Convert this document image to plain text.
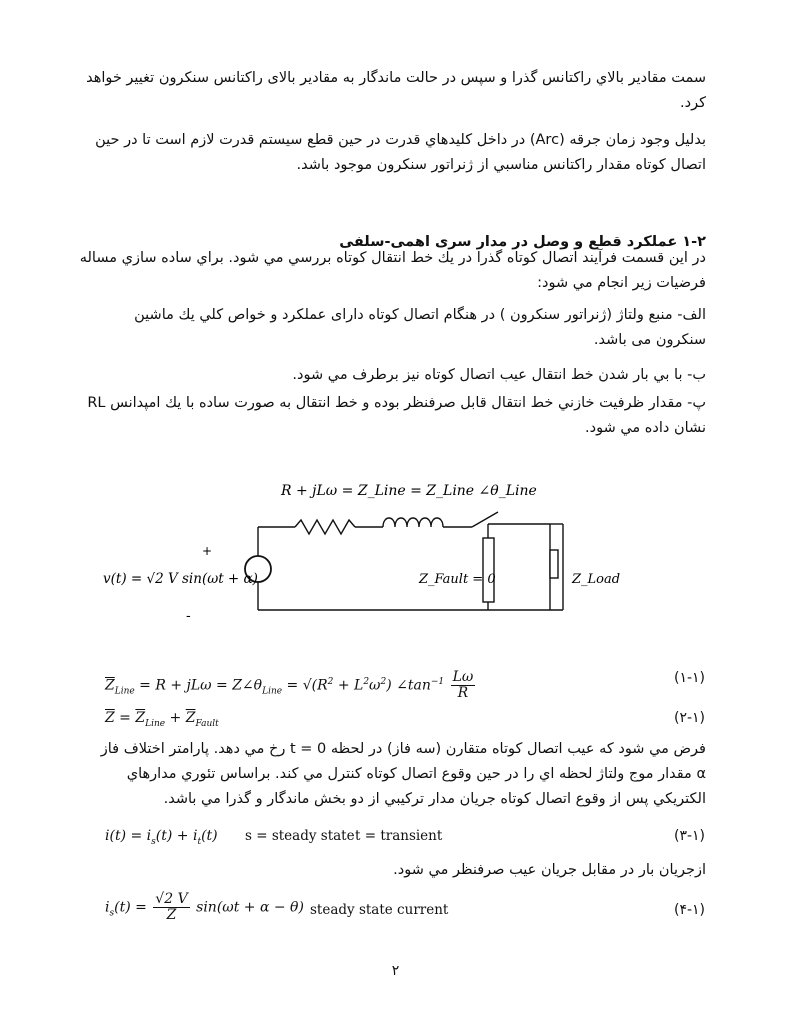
سمت مقادير بالاي راكتانس گذرا و سپس در حالت ماندگار به مقادير بالاى راكتانس سنكرون تغيير خواهد
كرد.
بدليل وجود زمان جرقه (Arc) در داخل كليدهاي قدرت در حين قطع سيستم قدرت لازم است تا در حين
اتصال كوتاه مقدار راكتانس مناسبي از ژنراتور سنكرون موجود باشد.
۱-۲ عملكرد قطع و وصل در مدار سرى اهمى-سلفى
در اين قسمت فرآيند اتصال كوتاه گذرا در يك خط انتقال كوتاه بررسي مي شود. براي ساده سازي مساله
فرضيات زير انجام مي شود:
الف- منبع ولتاژ (ژنراتور سنكرون ) در هنگام اتصال كوتاه داراى عملكرد و خواص كلي يك ماشين
سنكرون مى باشد.
ب- با بي بار شدن خط انتقال عيب اتصال كوتاه نيز برطرف مي شود.
پ- مقدار ظرفيت خازني خط انتقال قابل صرفنظر بوده و خط انتقال به صورت ساده با يك امپدانس RL
نشان داده مي شود.
R + jLω = Z_Line = Z_Line ∠θ_Line
+
v(t) = √2 V sin(ωt + α)
-
Z_Fault = 0	Z_Load
$\overline{Z}_{Line} = R + jL\omega$ = $Z\angle\theta_{Line} = √(R^2 + L^2\omega^2)$ $\angle\tan^{-1} \frac{L\omega}{R}$	(۱-۱)
$\overline{Z} = \overline{Z}_{Line} + \overline{Z}_{Fault}$	(۲-۱)
فرض مي شود كه عيب اتصال كوتاه متقارن (سه فاز) در لحظه t = 0 رخ مي دهد. پارامتر اختلاف فاز
α مقدار موج ولتاژ لحظه اي را در حين وقوع اتصال كوتاه كنترل مي كند. براساس تئوري مدارهاي
الكتريكي پس از وقوع اتصال كوتاه جريان مدار تركيبي از دو بخش ماندگار و گذرا مي باشد.
$i(t) = i_s(t) + i_t(t) s$ = steady state t = transient	(۳-۱)
ازجريان بار در مقابل جريان عيب صرفنظر مي شود.
$i_s(t) = \frac{√2 V}{Z} \sin(\omega t + \alpha - \theta)$ steady state current	(۴-۱)
۲
